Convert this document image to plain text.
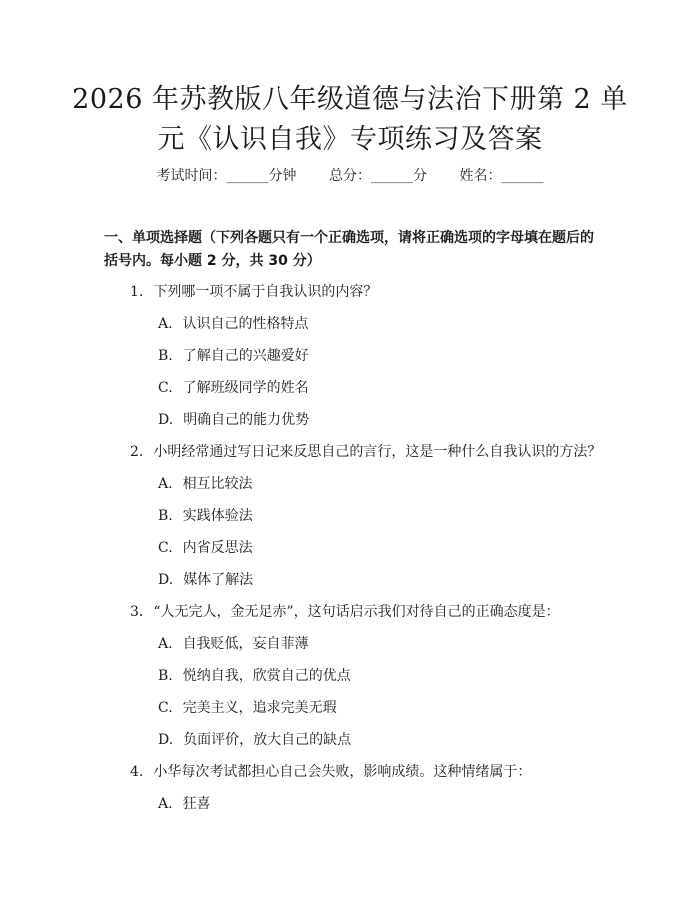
2026 年苏教版八年级道德与法治下册第 2 单
元《认识自我》专项练习及答案
考试时间：______分钟 总分：______分 姓名：______
一、单项选择题（下列各题只有一个正确选项，请将正确选项的字母填在题后的
括号内。每小题 2 分，共 30 分）
1. 下列哪一项不属于自我认识的内容？
A. 认识自己的性格特点
B. 了解自己的兴趣爱好
C. 了解班级同学的姓名
D. 明确自己的能力优势
2. 小明经常通过写日记来反思自己的言行，这是一种什么自我认识的方法？
A. 相互比较法
B. 实践体验法
C. 内省反思法
D. 媒体了解法
3. “人无完人，金无足赤”，这句话启示我们对待自己的正确态度是：
A. 自我贬低，妄自菲薄
B. 悦纳自我，欣赏自己的优点
C. 完美主义，追求完美无瑕
D. 负面评价，放大自己的缺点
4. 小华每次考试都担心自己会失败，影响成绩。这种情绪属于：
A. 狂喜
